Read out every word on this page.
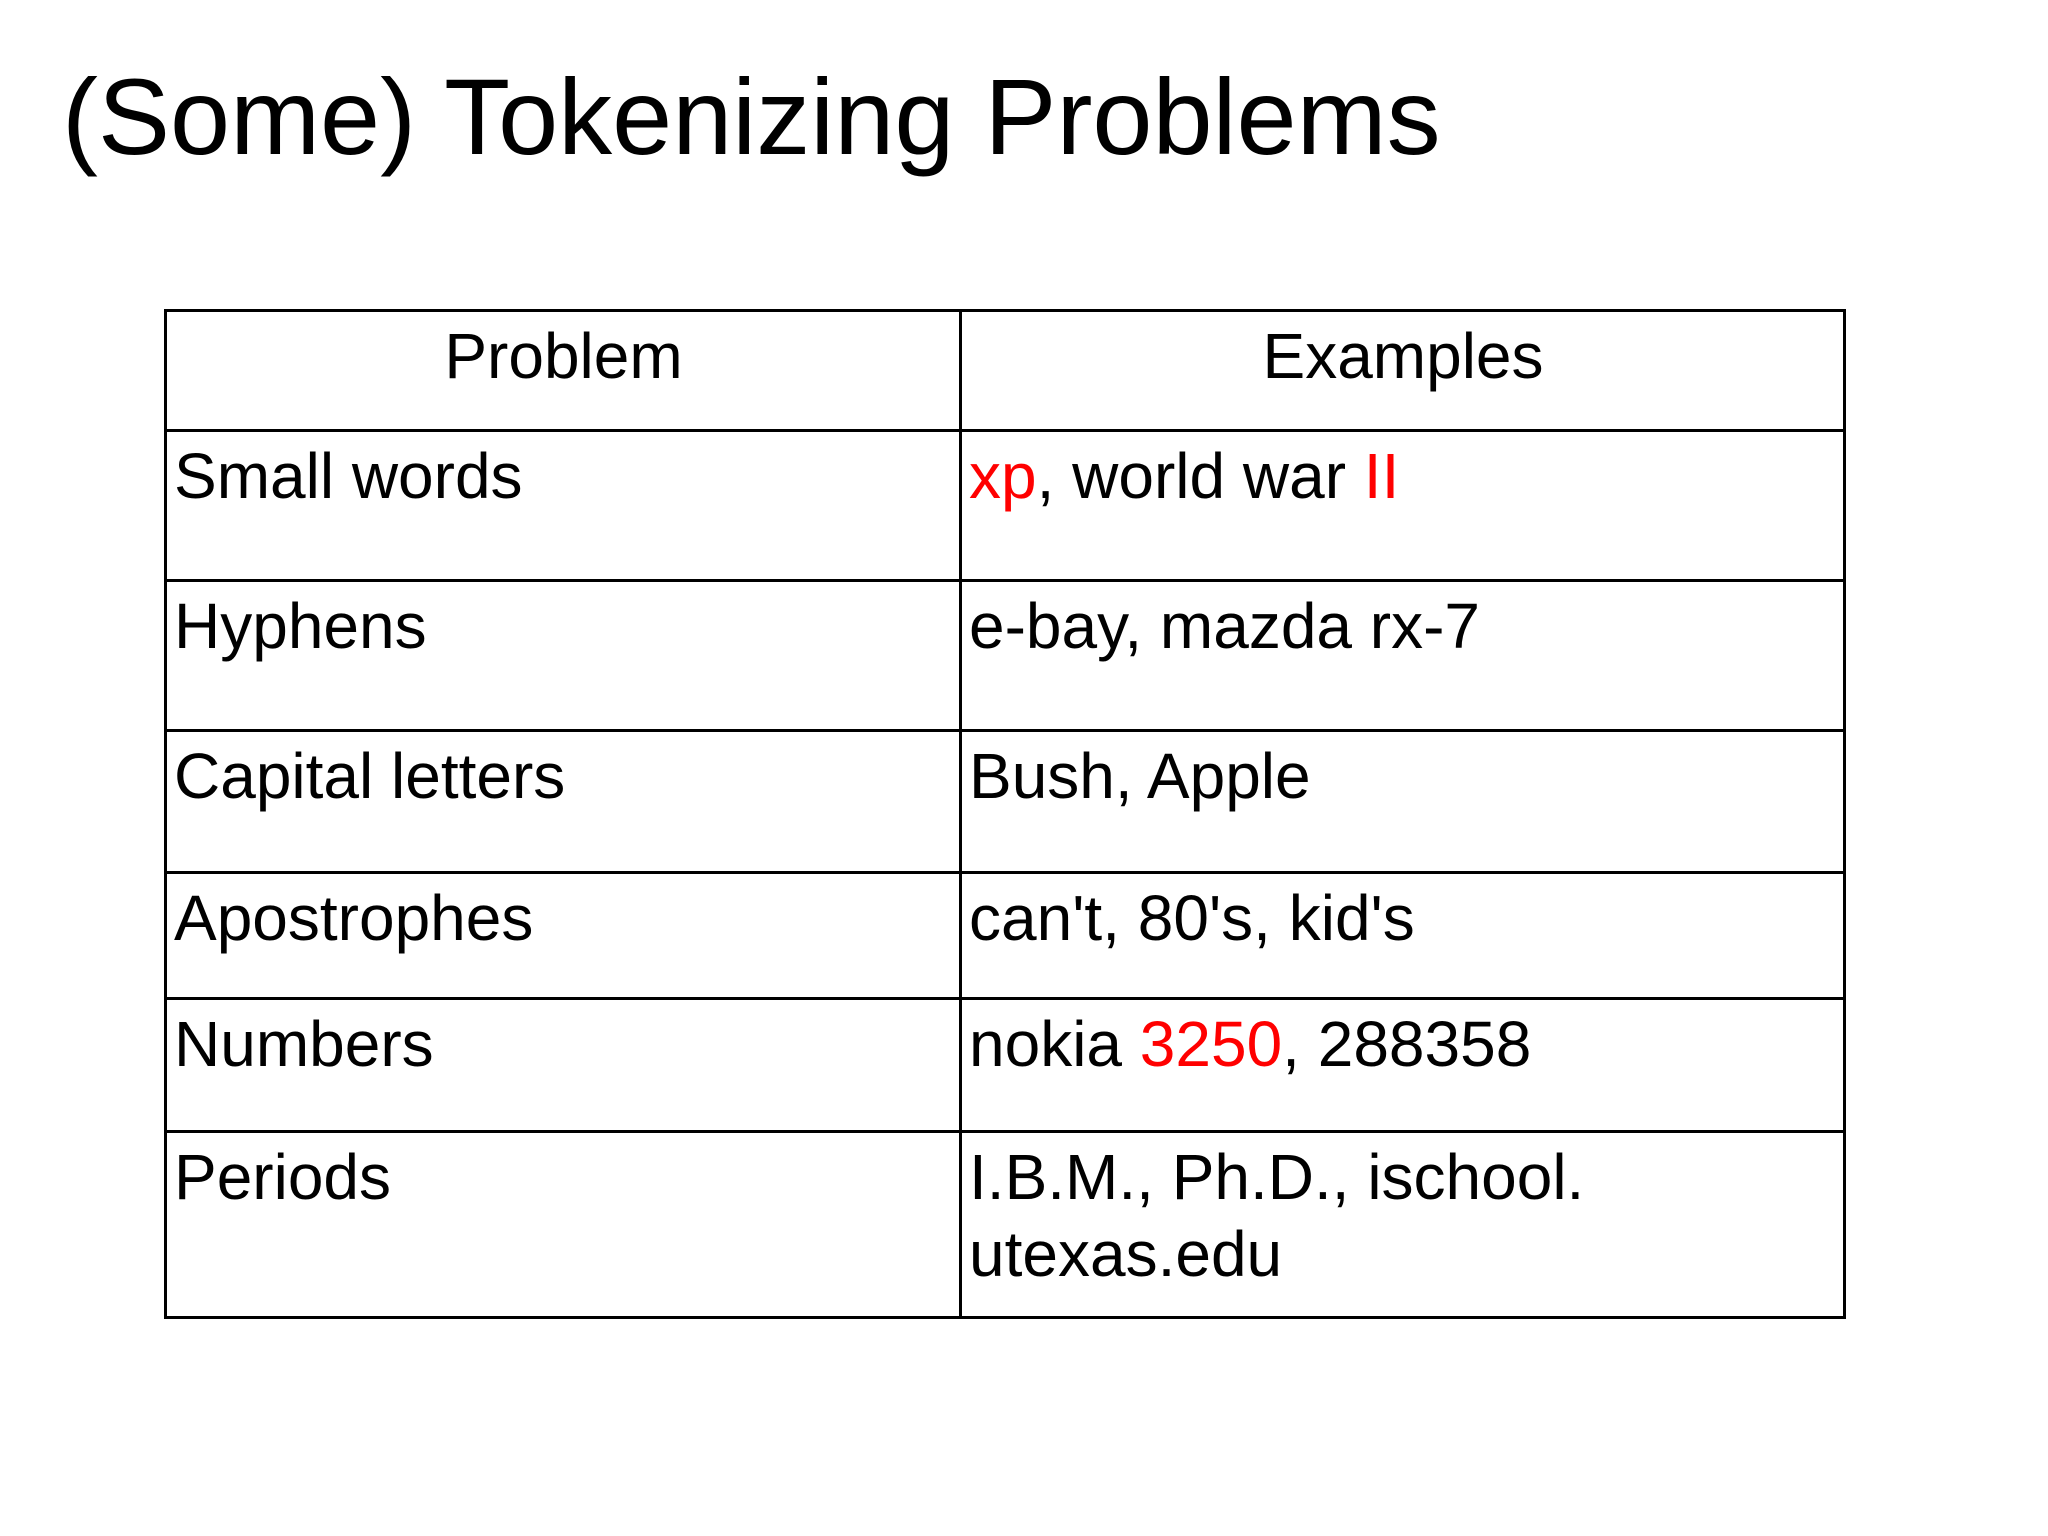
(Some) Tokenizing Problems
Problem	Examples
Small words	xp, world war II
Hyphens	e-bay, mazda rx-7
Capital letters	Bush, Apple
Apostrophes	can't, 80's, kid's
Numbers	nokia 3250, 288358
Periods	I.B.M., Ph.D., ischool.
utexas.edu
